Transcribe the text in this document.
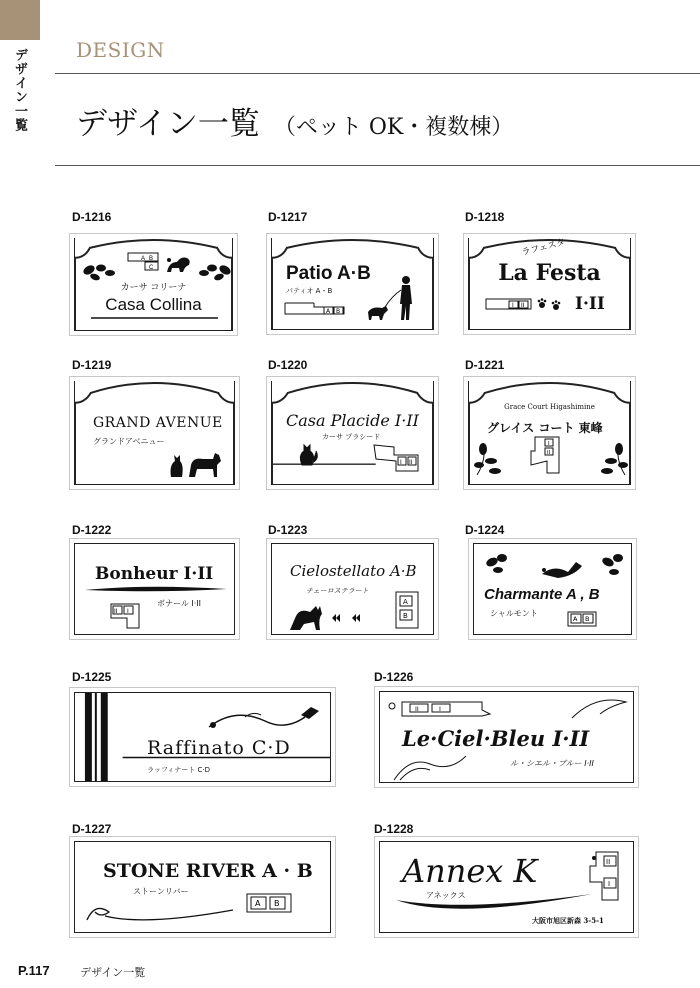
デザイン一覧 DESIGN
デザイン一覧 （ペット OK・複数棟）
D-1216
A B
C
カーサ コリーナ
Casa Collina
D-1217
Patio A·B
パティオ A・B
A B
D-1218
ラフェスタ
La Festa
I II	I·II
D-1219
GRAND AVENUE
グランドアベニュー
D-1220
Casa Placide I·II
カーサ プラシード
I II
D-1221
Grace Court Higashimine
グレイス コート 東峰
I
II
D-1222
Bonheur I·II
ボナール I·II
II I
D-1223
Cielostellato A·B
チェーロステラート
A
B
D-1224
Charmante A , B
シャルモント
A B
D-1225
Raffinato C·D
ラッフィナート C·D
D-1226
II	I
Le·Ciel·Bleu I·II
ル・シエル・ブルー I·II
D-1227
STONE RIVER A · B
ストーンリバー
A B
D-1228
Annex K
アネックス
II
I
大阪市旭区新森 3-5-1
P.117	デザイン一覧
